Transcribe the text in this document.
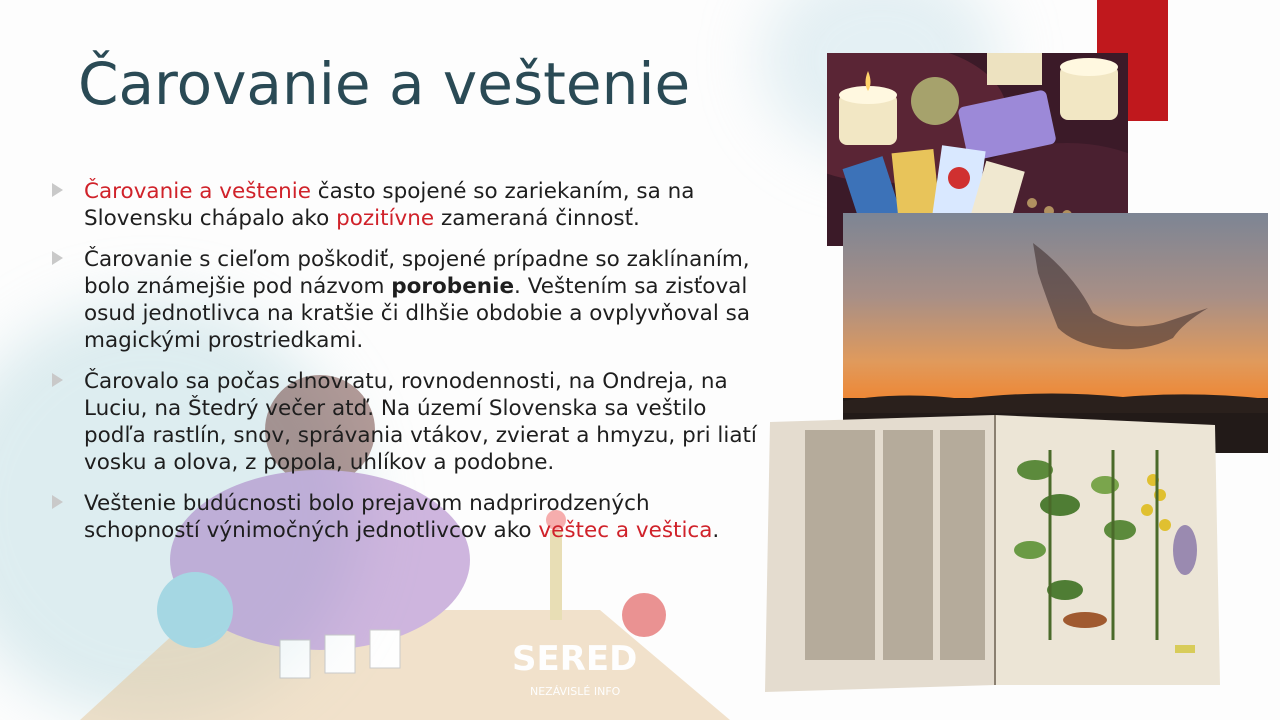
SERED
NEZÁVISLÉ INFO
Čarovanie a veštenie
Čarovanie a veštenie často spojené so zariekaním, sa na Slovensku chápalo ako pozitívne zameraná činnosť.
Čarovanie s cieľom poškodiť, spojené prípadne so zaklínaním, bolo známejšie pod názvom porobenie. Veštením sa zisťoval osud jednotlivca na kratšie či dlhšie obdobie a ovplyvňoval sa magickými prostriedkami.
Čarovalo sa počas slnovratu, rovnodennosti, na Ondreja, na Luciu, na Štedrý večer atď. Na území Slovenska sa veštilo podľa rastlín, snov, správania vtákov, zvierat a hmyzu, pri liatí vosku a olova, z popola, uhlíkov a podobne.
Veštenie budúcnosti bolo prejavom nadprirodzených schopností výnimočných jednotlivcov ako veštec a veštica.
